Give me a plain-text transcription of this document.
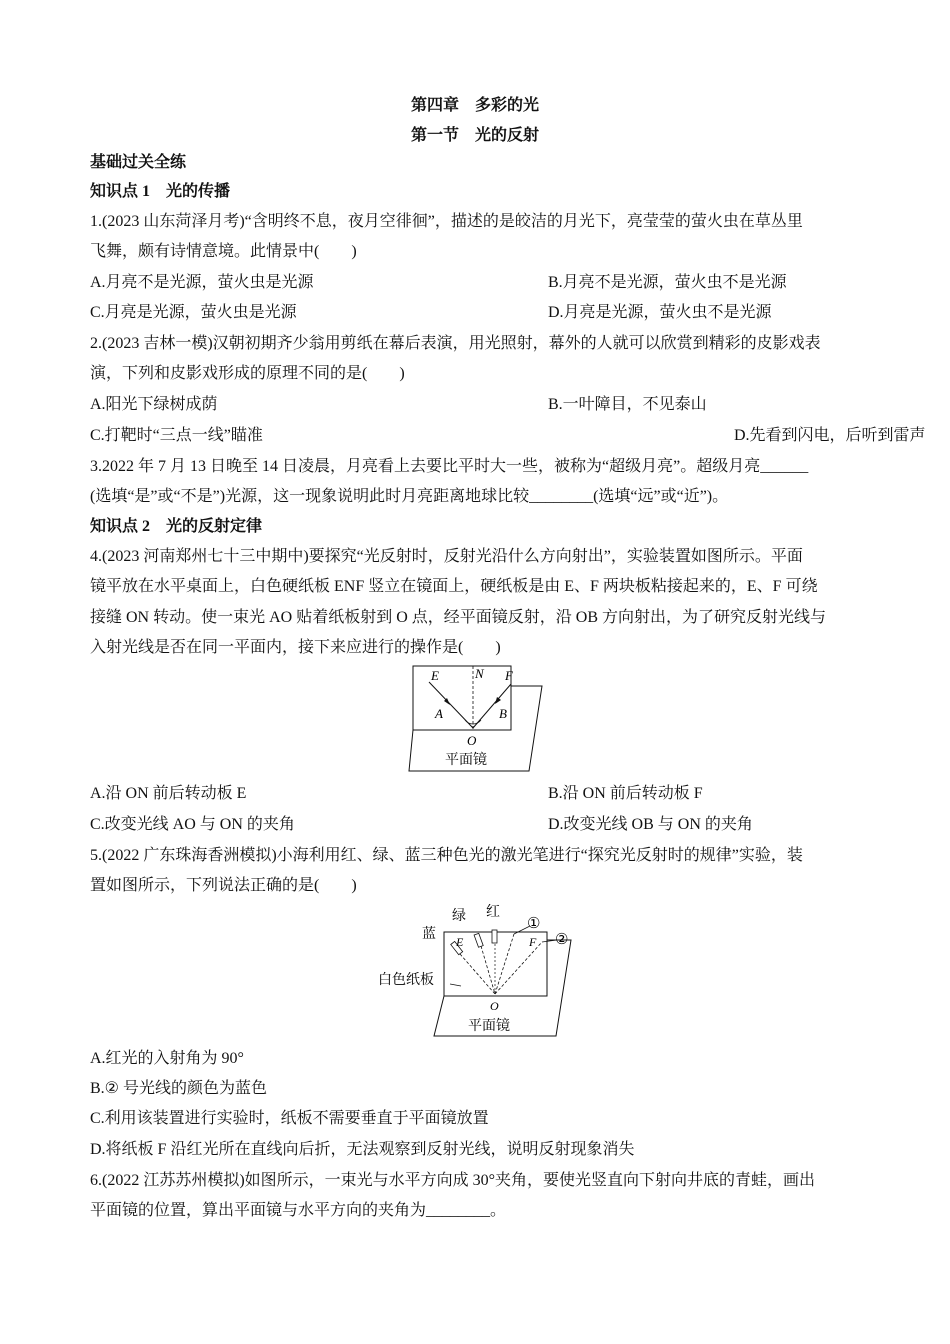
第四章　多彩的光
第一节　光的反射
基础过关全练
知识点 1　光的传播
1.(2023 山东菏泽月考)“含明终不息，夜月空徘徊”，描述的是皎洁的月光下，亮莹莹的萤火虫在草丛里
飞舞，颇有诗情意境。此情景中(　　)
A.月亮不是光源，萤火虫是光源	B.月亮不是光源，萤火虫不是光源
C.月亮是光源，萤火虫是光源	D.月亮是光源，萤火虫不是光源
2.(2023 吉林一模)汉朝初期齐少翁用剪纸在幕后表演，用光照射，幕外的人就可以欣赏到精彩的皮影戏表
演，下列和皮影戏形成的原理不同的是(　　)
A.阳光下绿树成荫	B.一叶障目，不见泰山
C.打靶时“三点一线”瞄准	D.先看到闪电，后听到雷声
3.2022 年 7 月 13 日晚至 14 日凌晨，月亮看上去要比平时大一些，被称为“超级月亮”。超级月亮______
(选填“是”或“不是”)光源，这一现象说明此时月亮距离地球比较________(选填“远”或“近”)。
知识点 2　光的反射定律
4.(2023 河南郑州七十三中期中)要探究“光反射时，反射光沿什么方向射出”，实验装置如图所示。平面
镜平放在水平桌面上，白色硬纸板 ENF 竖立在镜面上，硬纸板是由 E、F 两块板粘接起来的，E、F 可绕
接缝 ON 转动。使一束光 AO 贴着纸板射到 O 点，经平面镜反射，沿 OB 方向射出，为了研究反射光线与
入射光线是否在同一平面内，接下来应进行的操作是(　　)
E	N F
A	B
O
平面镜
A.沿 ON 前后转动板 E	B.沿 ON 前后转动板 F
C.改变光线 AO 与 ON 的夹角	D.改变光线 OB 与 ON 的夹角
5.(2022 广东珠海香洲模拟)小海利用红、绿、蓝三种色光的激光笔进行“探究光反射时的规律”实验，装
置如图所示，下列说法正确的是(　　)
绿 红
蓝
①
②
E	F
O
白色纸板
平面镜
A.红光的入射角为 90°
B.② 号光线的颜色为蓝色
C.利用该装置进行实验时，纸板不需要垂直于平面镜放置
D.将纸板 F 沿红光所在直线向后折，无法观察到反射光线，说明反射现象消失
6.(2022 江苏苏州模拟)如图所示，一束光与水平方向成 30°夹角，要使光竖直向下射向井底的青蛙，画出
平面镜的位置，算出平面镜与水平方向的夹角为________。
